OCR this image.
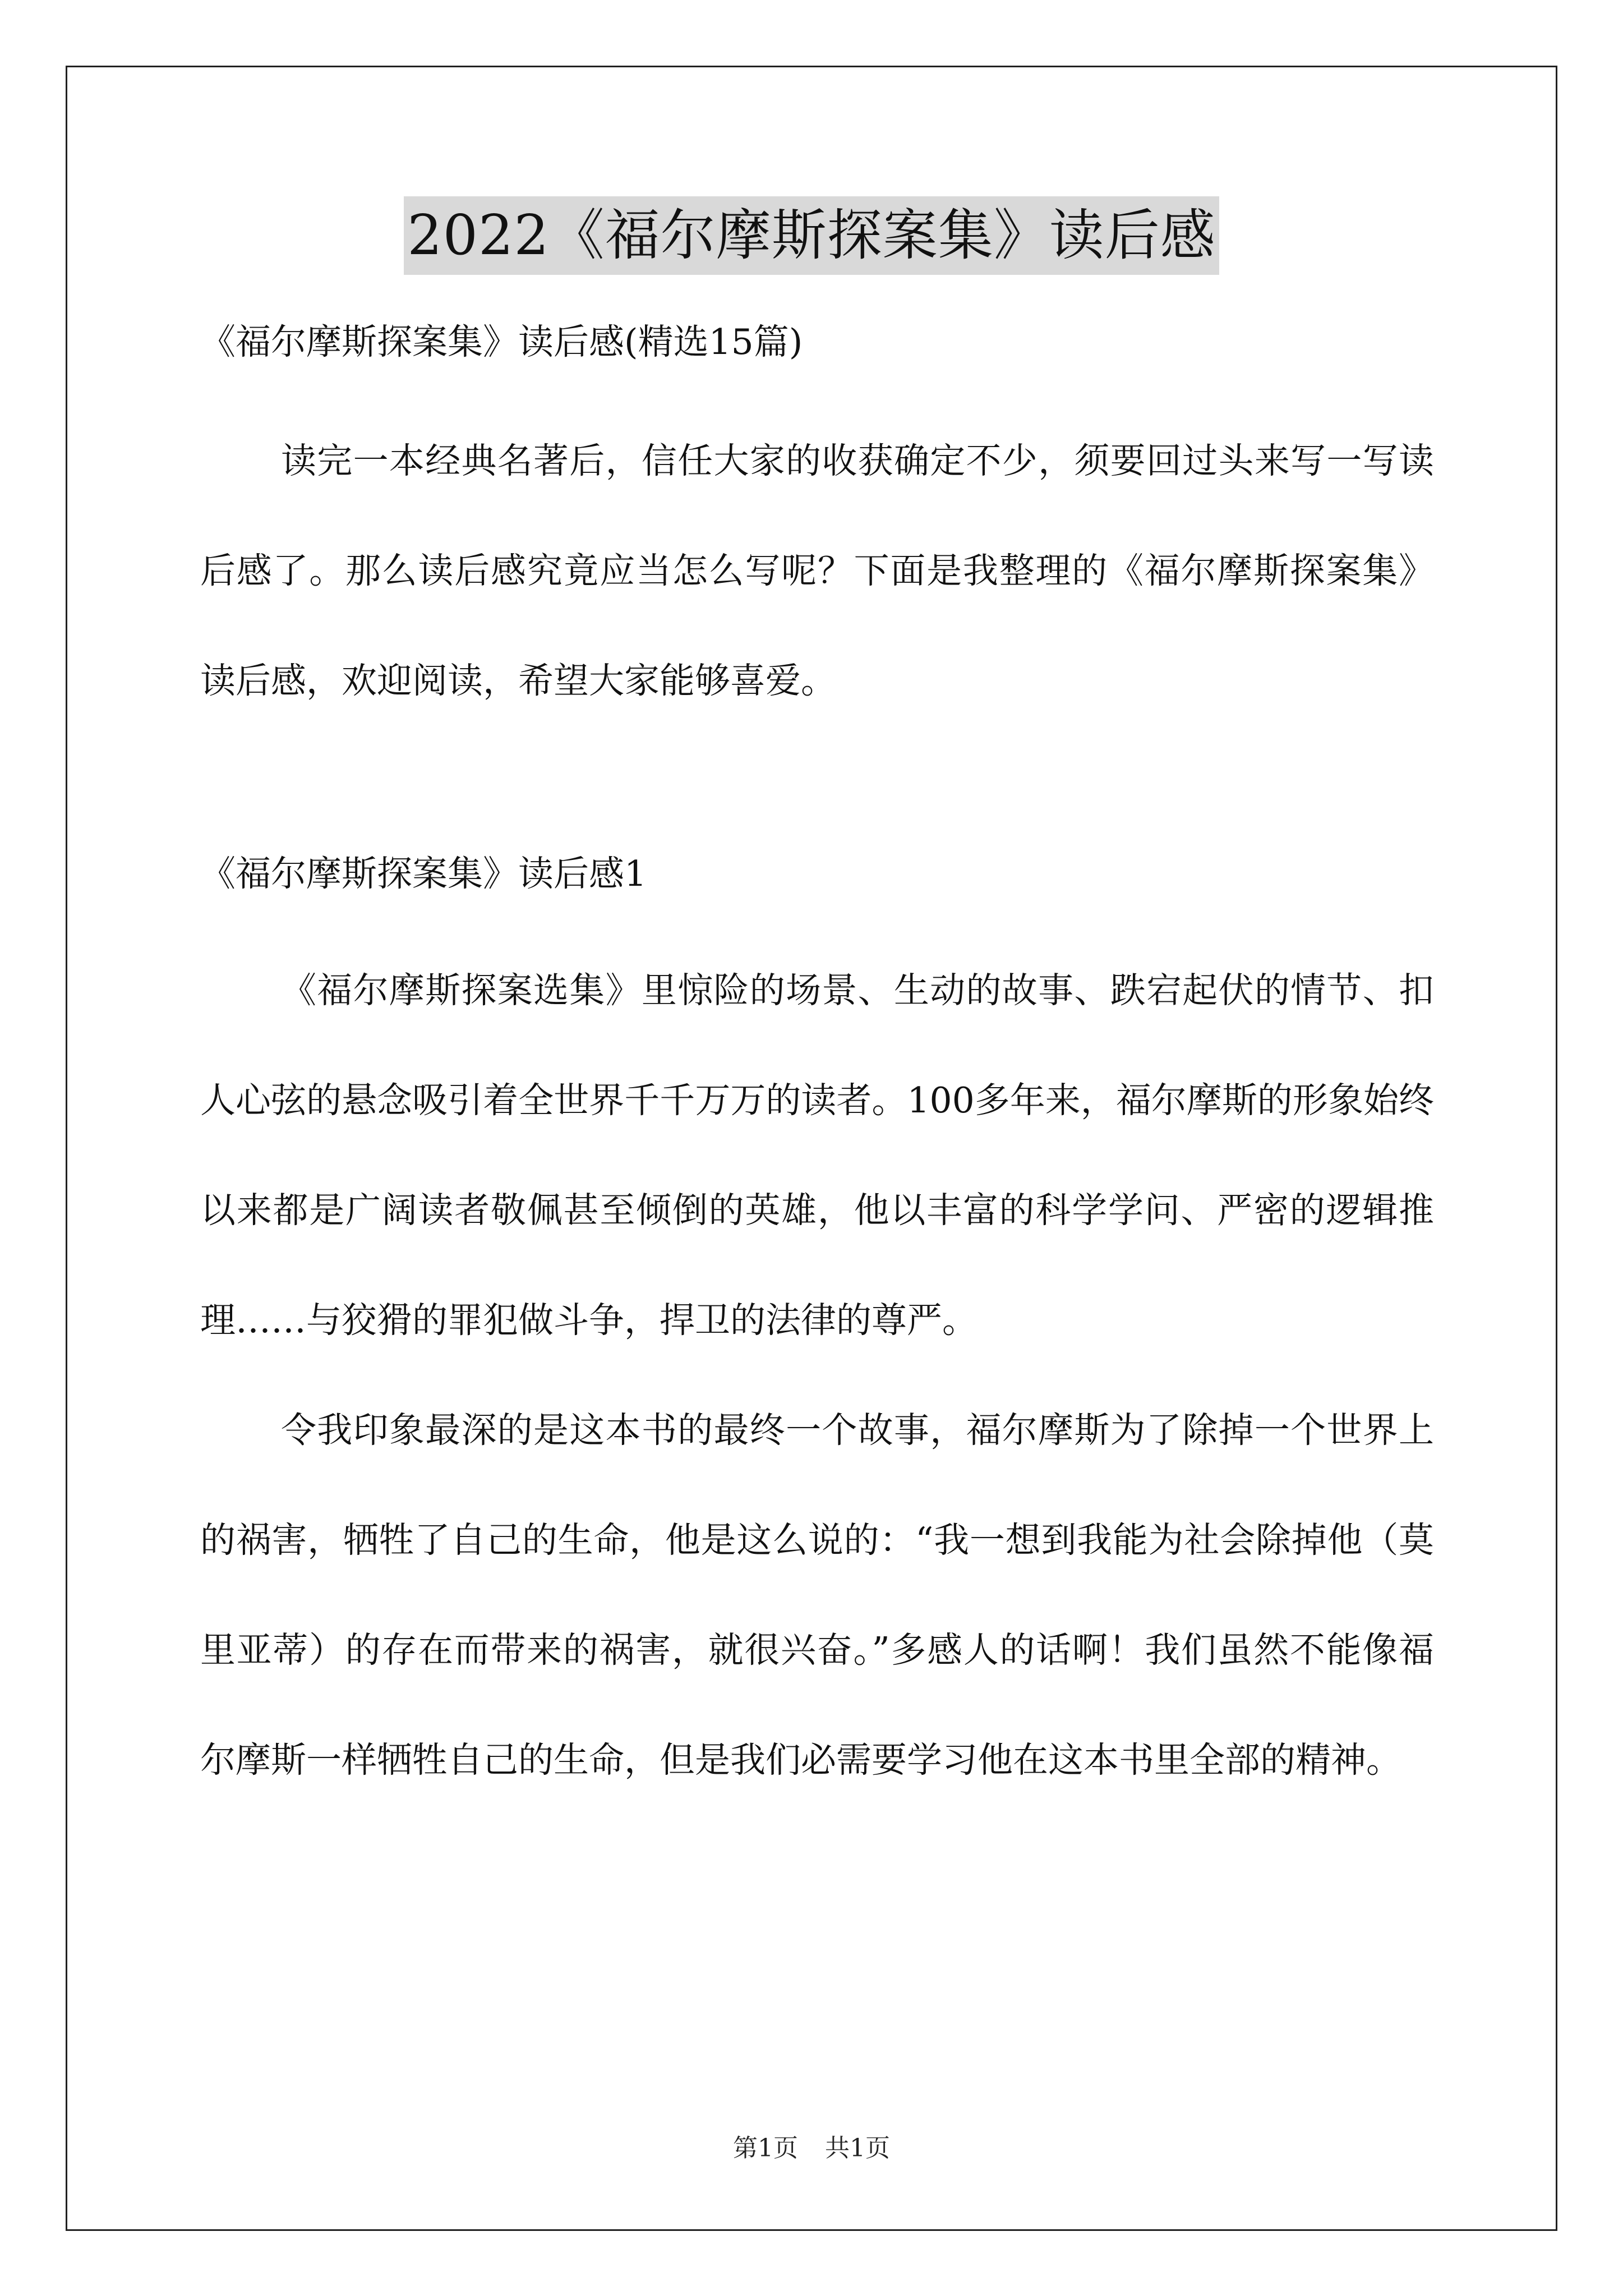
2022《福尔摩斯探案集》读后感

《福尔摩斯探案集》读后感(精选15篇)

读完一本经典名著后，信任大家的收获确定不少，须要回过头来写一写读后感了。那么读后感究竟应当怎么写呢？下面是我整理的《福尔摩斯探案集》读后感，欢迎阅读，希望大家能够喜爱。

《福尔摩斯探案集》读后感1

《福尔摩斯探案选集》里惊险的场景、生动的故事、跌宕起伏的情节、扣人心弦的悬念吸引着全世界千千万万的读者。100多年来，福尔摩斯的形象始终以来都是广阔读者敬佩甚至倾倒的英雄，他以丰富的科学学问、严密的逻辑推理……与狡猾的罪犯做斗争，捍卫的法律的尊严。

令我印象最深的是这本书的最终一个故事，福尔摩斯为了除掉一个世界上的祸害，牺牲了自己的生命，他是这么说的：“我一想到我能为社会除掉他（莫里亚蒂）的存在而带来的祸害，就很兴奋。”多感人的话啊！我们虽然不能像福尔摩斯一样牺牲自己的生命，但是我们必需要学习他在这本书里全部的精神。

第1页 共1页
